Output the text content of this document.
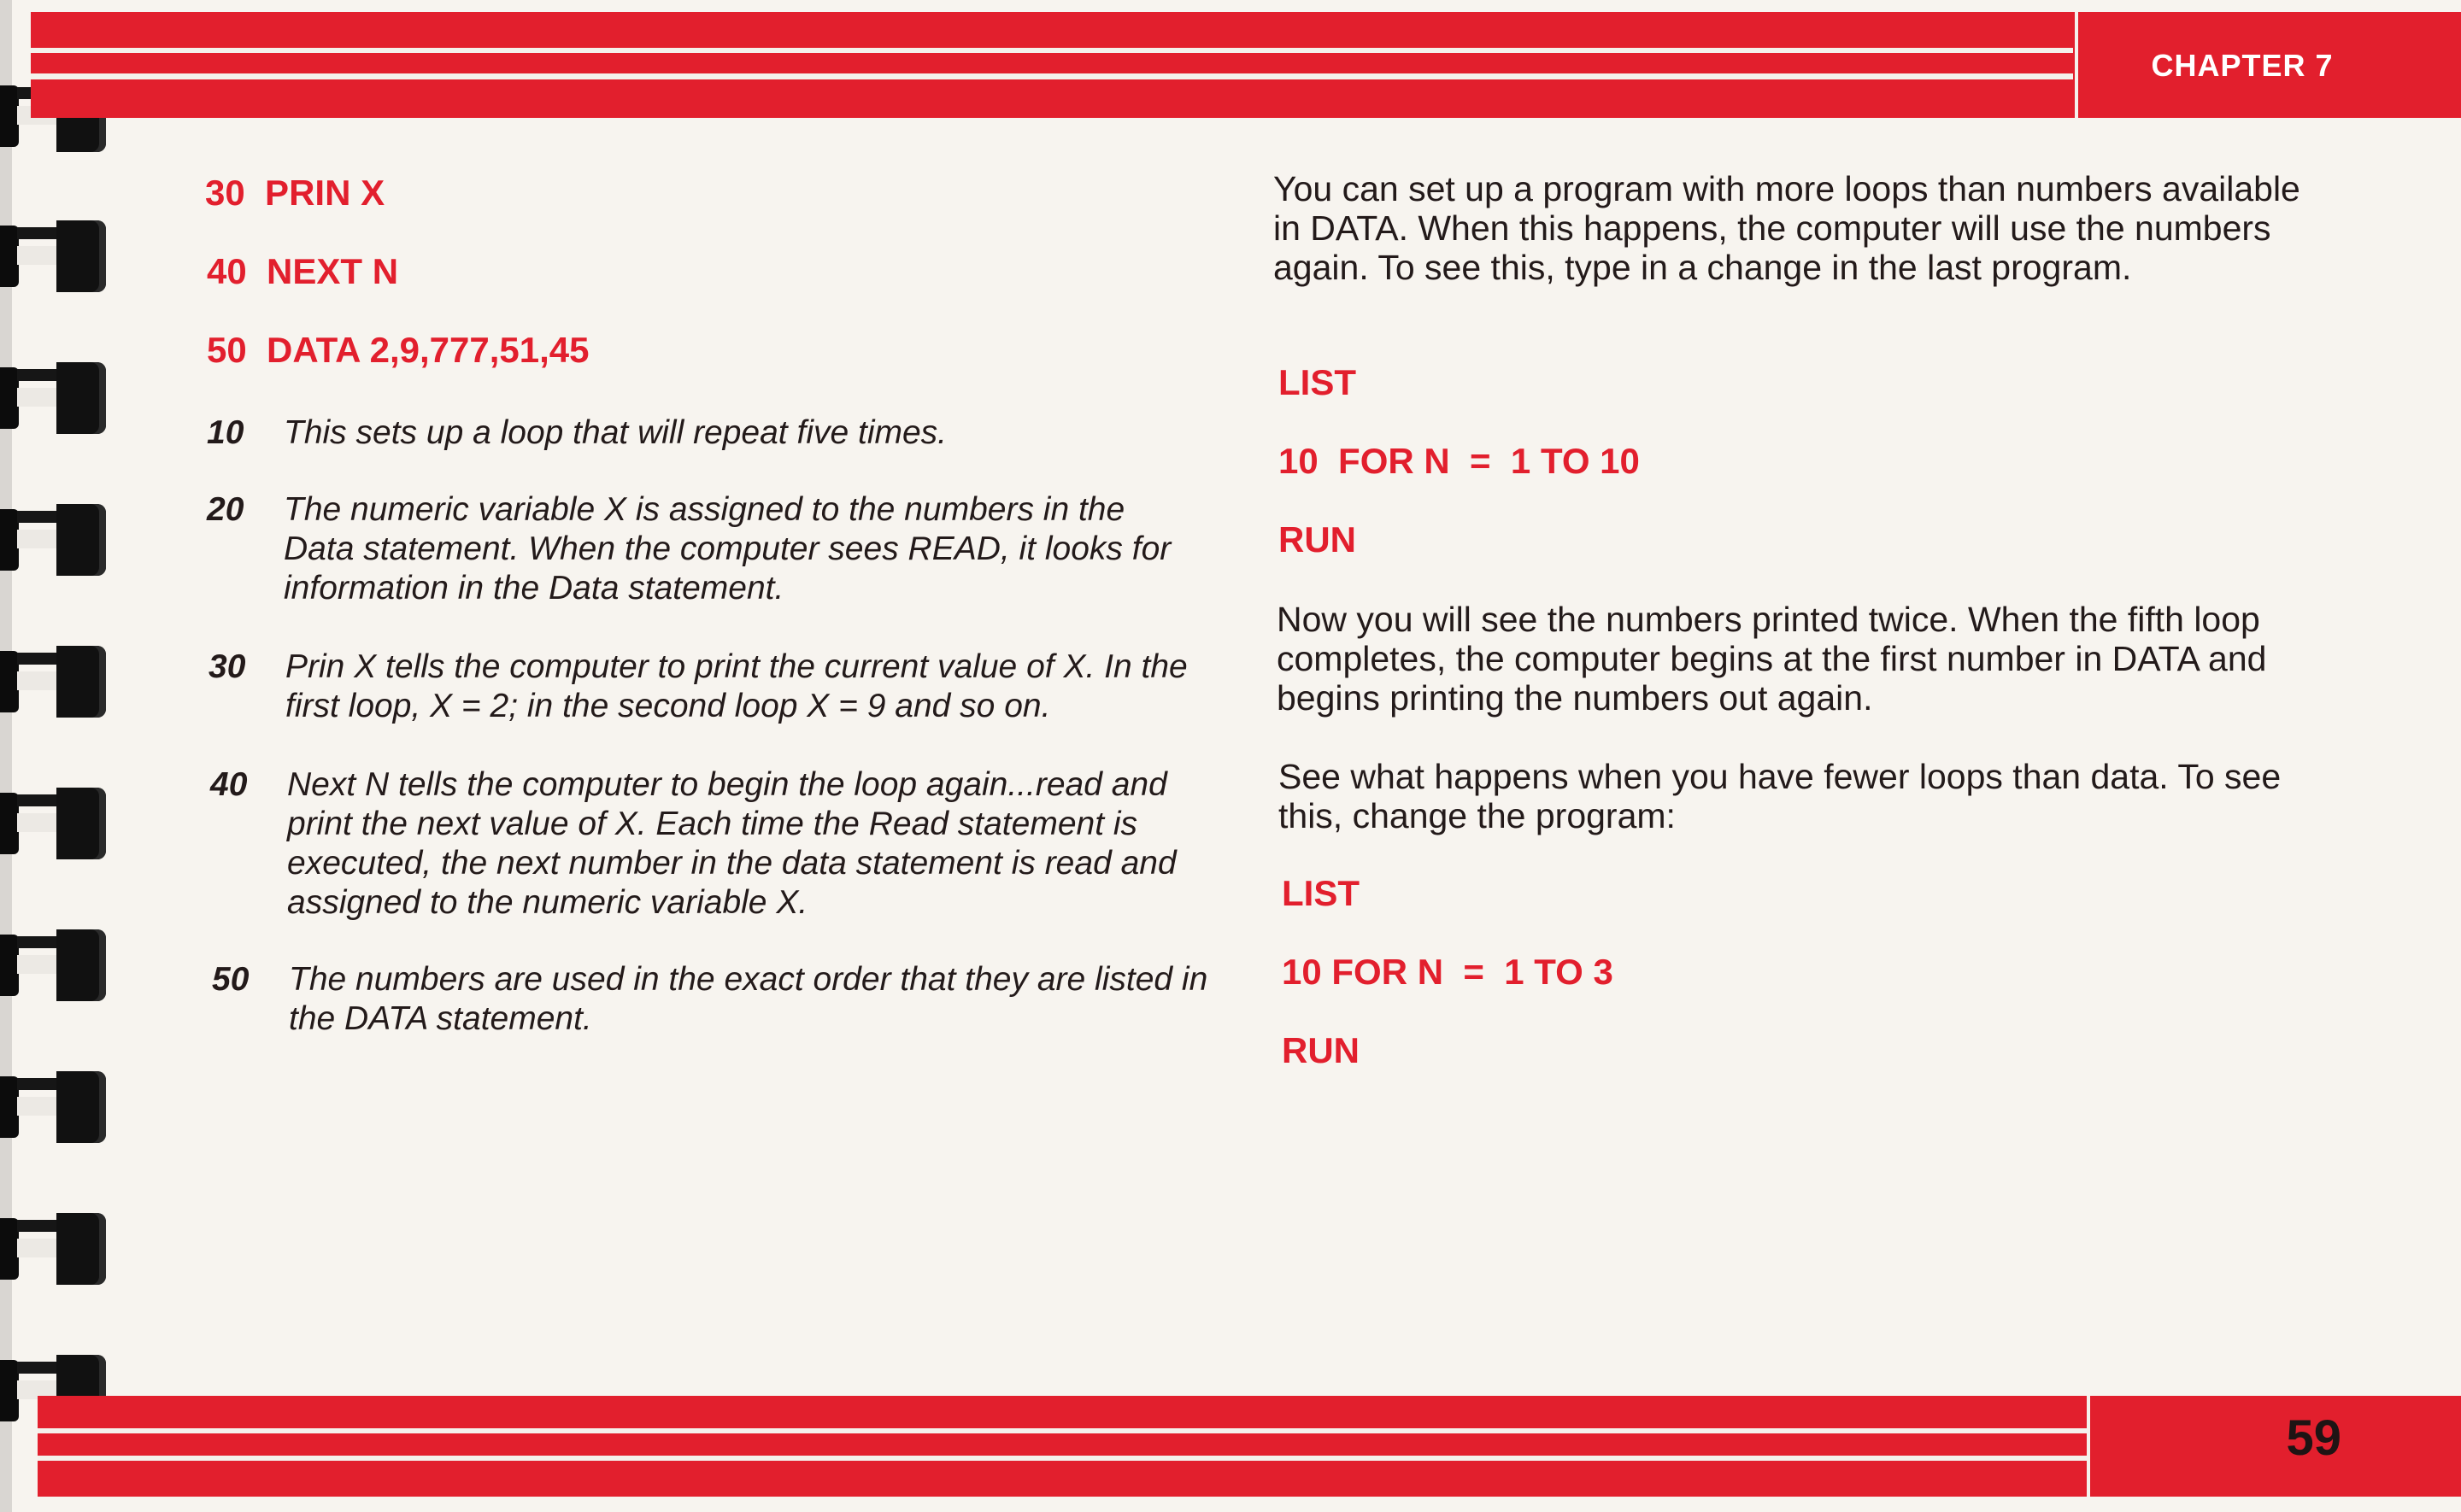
CHAPTER 7
59
30  PRIN X
40  NEXT N
50  DATA 2,9,777,51,45
10 This sets up a loop that will repeat five times.
20 The numeric variable X is assigned to the numbers in the Data statement. When the computer sees READ, it looks for information in the Data statement.
30 Prin X tells the computer to print the current value of X. In the first loop, X = 2; in the second loop X = 9 and so on.
40 Next N tells the computer to begin the loop again...read and print the next value of X. Each time the Read statement is executed, the next number in the data statement is read and assigned to the numeric variable X.
50 The numbers are used in the exact order that they are listed in the DATA statement.
You can set up a program with more loops than numbers available in DATA. When this happens, the computer will use the numbers again. To see this, type in a change in the last program.
LIST
10  FOR N  =  1 TO 10
RUN
Now you will see the numbers printed twice. When the fifth loop completes, the computer begins at the first number in DATA and begins printing the numbers out again.
See what happens when you have fewer loops than data. To see this, change the program:
LIST
10 FOR N  =  1 TO 3
RUN
